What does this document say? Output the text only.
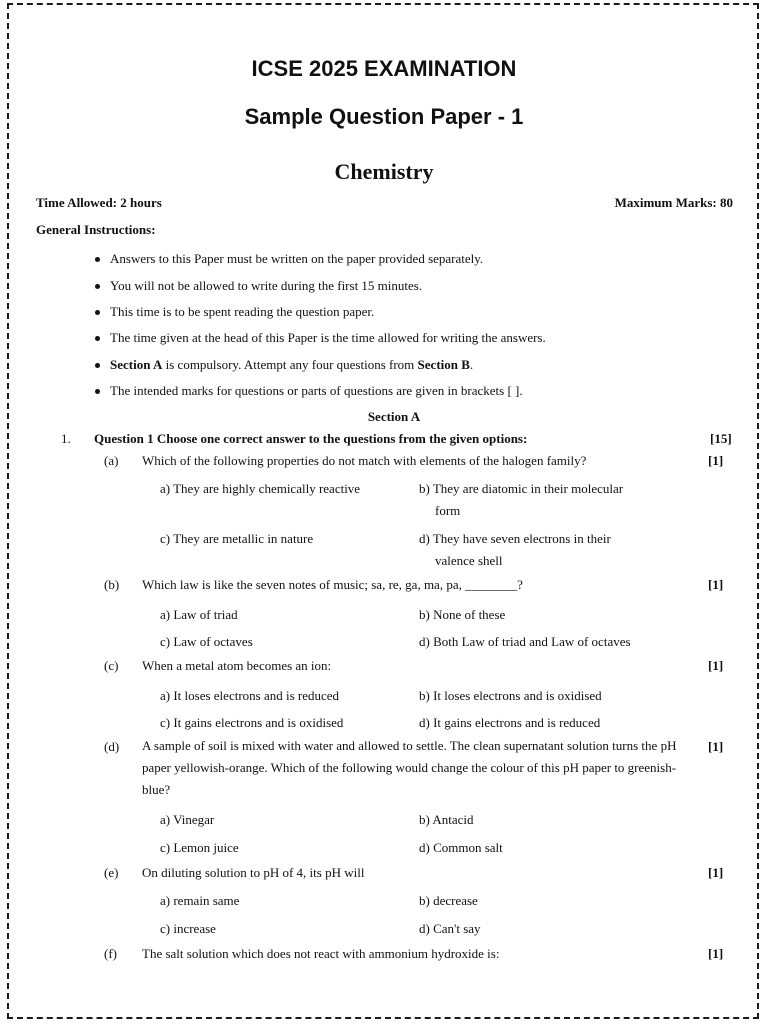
ICSE 2025 EXAMINATION
Sample Question Paper - 1
Chemistry
Time Allowed: 2 hours	Maximum Marks: 80
General Instructions:
Answers to this Paper must be written on the paper provided separately.
You will not be allowed to write during the first 15 minutes.
This time is to be spent reading the question paper.
The time given at the head of this Paper is the time allowed for writing the answers.
Section A is compulsory. Attempt any four questions from Section B.
The intended marks for questions or parts of questions are given in brackets [ ].
Section A
1. Question 1 Choose one correct answer to the questions from the given options:	[15]
(a) Which of the following properties do not match with elements of the halogen family?	[1]
a) They are highly chemically reactive	b) They are diatomic in their molecular
form
c) They are metallic in nature	d) They have seven electrons in their
valence shell
(b) Which law is like the seven notes of music; sa, re, ga, ma, pa, ________?	[1]
a) Law of triad	b) None of these
c) Law of octaves	d) Both Law of triad and Law of octaves
(c) When a metal atom becomes an ion:	[1]
a) It loses electrons and is reduced	b) It loses electrons and is oxidised
c) It gains electrons and is oxidised	d) It gains electrons and is reduced
(d) A sample of soil is mixed with water and allowed to settle. The clean supernatant solution turns the pH paper yellowish-orange. Which of the following would change the colour of this pH paper to greenish-blue?
[1]
a) Vinegar	b) Antacid
c) Lemon juice	d) Common salt
(e) On diluting solution to pH of 4, its pH will	[1]
a) remain same	b) decrease
c) increase	d) Can't say
(f) The salt solution which does not react with ammonium hydroxide is:	[1]
